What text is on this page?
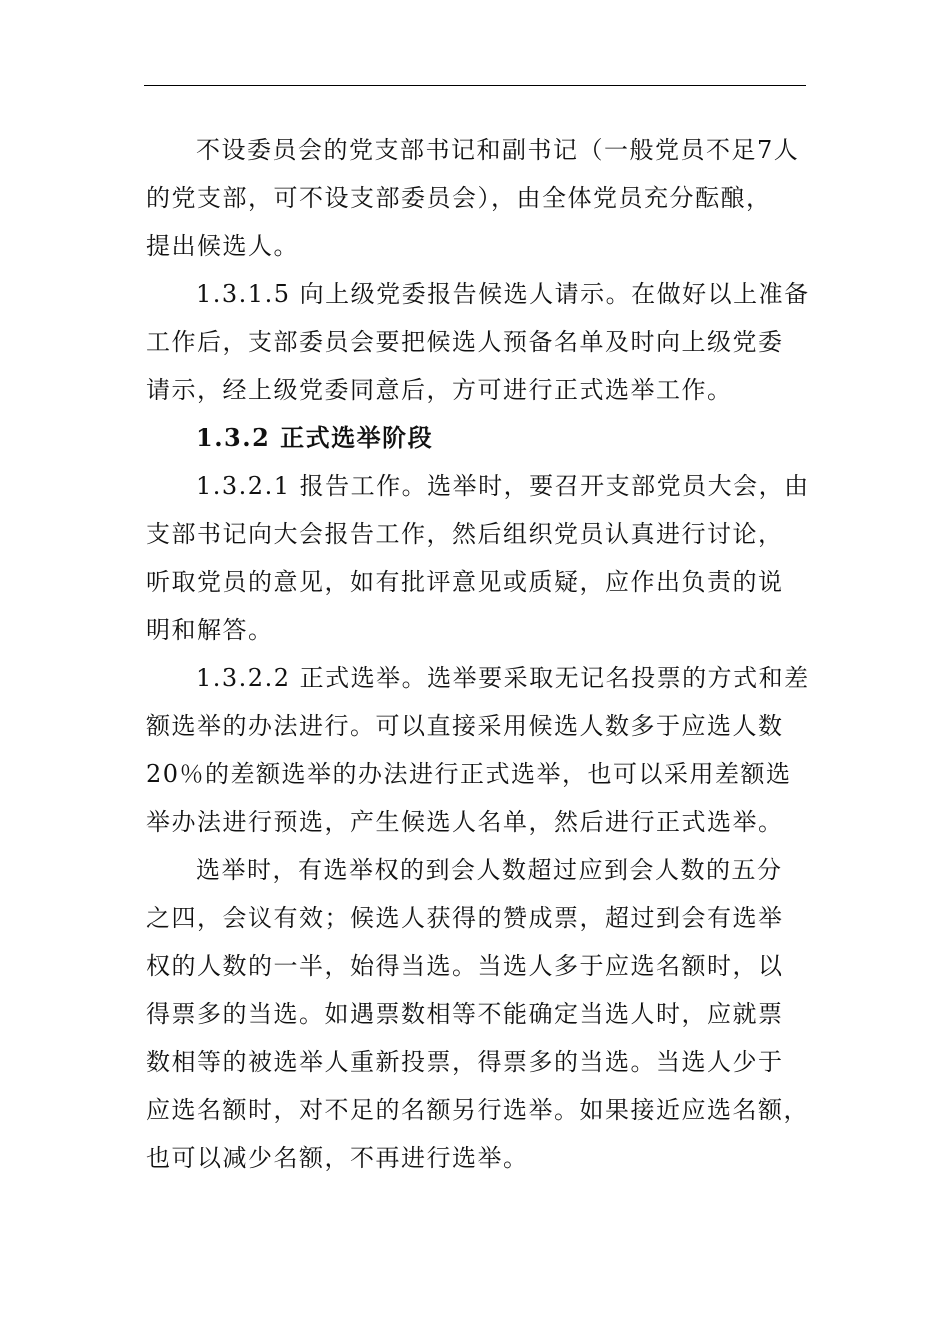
不设委员会的党支部书记和副书记（一般党员不足7人
的党支部，可不设支部委员会），由全体党员充分酝酿，
提出候选人。
1.3.1.5 向上级党委报告候选人请示。在做好以上准备
工作后，支部委员会要把候选人预备名单及时向上级党委
请示，经上级党委同意后，方可进行正式选举工作。
1.3.2 正式选举阶段
1.3.2.1 报告工作。选举时，要召开支部党员大会，由
支部书记向大会报告工作，然后组织党员认真进行讨论，
听取党员的意见，如有批评意见或质疑，应作出负责的说
明和解答。
1.3.2.2 正式选举。选举要采取无记名投票的方式和差
额选举的办法进行。可以直接采用候选人数多于应选人数
20％的差额选举的办法进行正式选举，也可以采用差额选
举办法进行预选，产生候选人名单，然后进行正式选举。
选举时，有选举权的到会人数超过应到会人数的五分
之四，会议有效；候选人获得的赞成票，超过到会有选举
权的人数的一半，始得当选。当选人多于应选名额时，以
得票多的当选。如遇票数相等不能确定当选人时，应就票
数相等的被选举人重新投票，得票多的当选。当选人少于
应选名额时，对不足的名额另行选举。如果接近应选名额，
也可以减少名额，不再进行选举。
